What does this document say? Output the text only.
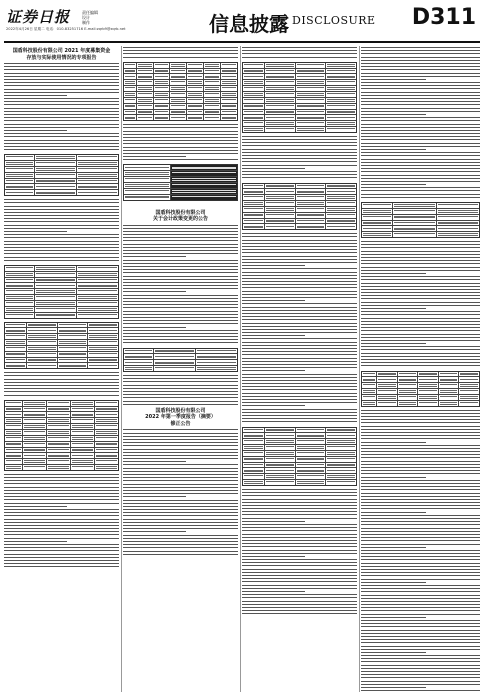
证券日报	责任编辑
设计
制作
2022年4月26日 星期二 电话：010-83251716 E-mail:zqrb9@zqrb.net	信息披露 DISCLOSURE D311
国盾科技股份有限公司 2021 年度募集资金
存放与实际使用情况的专项报告
国盾科技股份有限公司
关于会计政策变更的公告
国盾科技股份有限公司
2022 年第一季度报告（摘要）
修正公告
